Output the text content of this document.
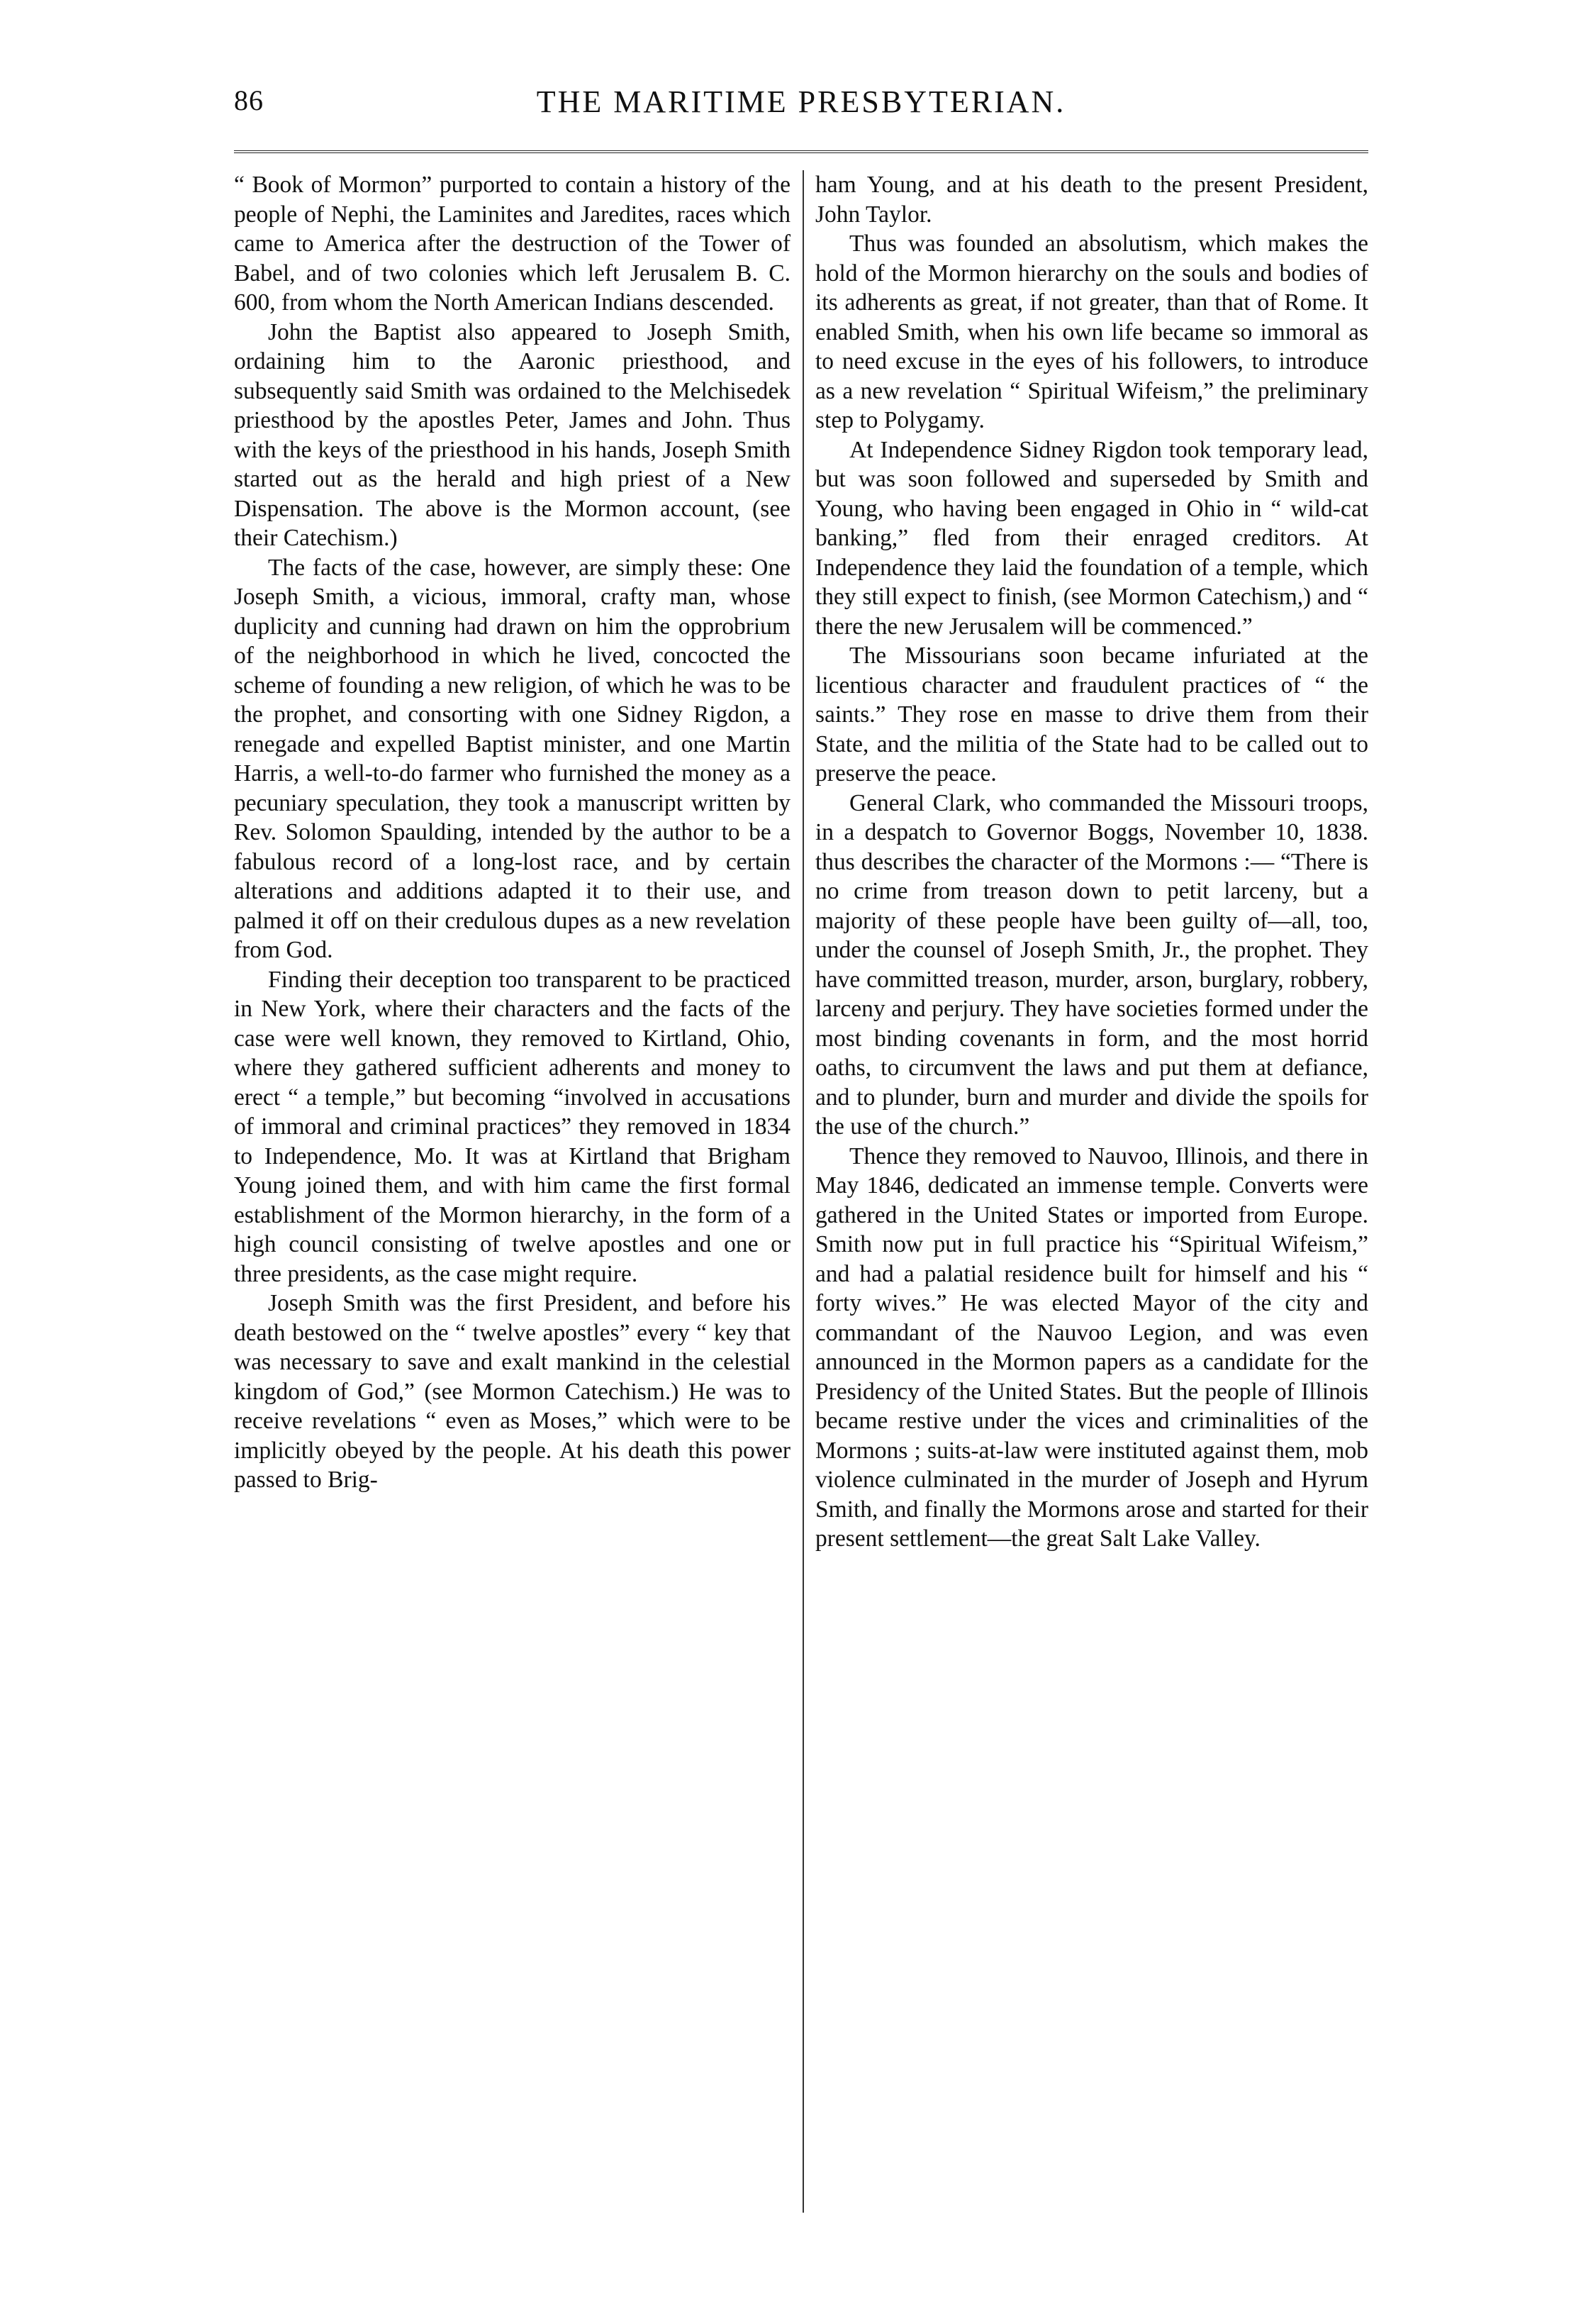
86	THE MARITIME PRESBYTERIAN.

“ Book of Mormon” purported to contain a history of the people of Nephi, the Laminites and Jaredites, races which came to America after the destruction of the Tower of Babel, and of two colonies which left Jerusalem B. C. 600, from whom the North American Indians descended.

John the Baptist also appeared to Joseph Smith, ordaining him to the Aaronic priesthood, and subsequently said Smith was ordained to the Melchisedek priesthood by the apostles Peter, James and John. Thus with the keys of the priesthood in his hands, Joseph Smith started out as the herald and high priest of a New Dispensation. The above is the Mormon account, (see their Catechism.)

The facts of the case, however, are simply these: One Joseph Smith, a vicious, immoral, crafty man, whose duplicity and cunning had drawn on him the opprobrium of the neighborhood in which he lived, concocted the scheme of founding a new religion, of which he was to be the prophet, and consorting with one Sidney Rigdon, a renegade and expelled Baptist minister, and one Martin Harris, a well-to-do farmer who furnished the money as a pecuniary speculation, they took a manuscript written by Rev. Solomon Spaulding, intended by the author to be a fabulous record of a long-lost race, and by certain alterations and additions adapted it to their use, and palmed it off on their credulous dupes as a new revelation from God.

Finding their deception too transparent to be practiced in New York, where their characters and the facts of the case were well known, they removed to Kirtland, Ohio, where they gathered sufficient adherents and money to erect “ a temple,” but becoming “involved in accusations of immoral and criminal practices” they removed in 1834 to Independence, Mo. It was at Kirtland that Brigham Young joined them, and with him came the first formal establishment of the Mormon hierarchy, in the form of a high council consisting of twelve apostles and one or three presidents, as the case might require.

Joseph Smith was the first President, and before his death bestowed on the “ twelve apostles” every “ key that was necessary to save and exalt mankind in the celestial kingdom of God,” (see Mormon Catechism.) He was to receive revelations “ even as Moses,” which were to be implicitly obeyed by the people. At his death this power passed to Brig-

ham Young, and at his death to the present President, John Taylor.

Thus was founded an absolutism, which makes the hold of the Mormon hierarchy on the souls and bodies of its adherents as great, if not greater, than that of Rome. It enabled Smith, when his own life became so immoral as to need excuse in the eyes of his followers, to introduce as a new revelation “ Spiritual Wifeism,” the preliminary step to Polygamy.

At Independence Sidney Rigdon took temporary lead, but was soon followed and superseded by Smith and Young, who having been engaged in Ohio in “ wild-cat banking,” fled from their enraged creditors. At Independence they laid the foundation of a temple, which they still expect to finish, (see Mormon Catechism,) and “ there the new Jerusalem will be commenced.”

The Missourians soon became infuriated at the licentious character and fraudulent practices of “ the saints.” They rose en masse to drive them from their State, and the militia of the State had to be called out to preserve the peace.

General Clark, who commanded the Missouri troops, in a despatch to Governor Boggs, November 10, 1838. thus describes the character of the Mormons :— “There is no crime from treason down to petit larceny, but a majority of these people have been guilty of—all, too, under the counsel of Joseph Smith, Jr., the prophet. They have committed treason, murder, arson, burglary, robbery, larceny and perjury. They have societies formed under the most binding covenants in form, and the most horrid oaths, to circumvent the laws and put them at defiance, and to plunder, burn and murder and divide the spoils for the use of the church.”

Thence they removed to Nauvoo, Illinois, and there in May 1846, dedicated an immense temple. Converts were gathered in the United States or imported from Europe. Smith now put in full practice his “Spiritual Wifeism,” and had a palatial residence built for himself and his “ forty wives.” He was elected Mayor of the city and commandant of the Nauvoo Legion, and was even announced in the Mormon papers as a candidate for the Presidency of the United States. But the people of Illinois became restive under the vices and criminalities of the Mormons ; suits-at-law were instituted against them, mob violence culminated in the murder of Joseph and Hyrum Smith, and finally the Mormons arose and started for their present settlement—the great Salt Lake Valley.
